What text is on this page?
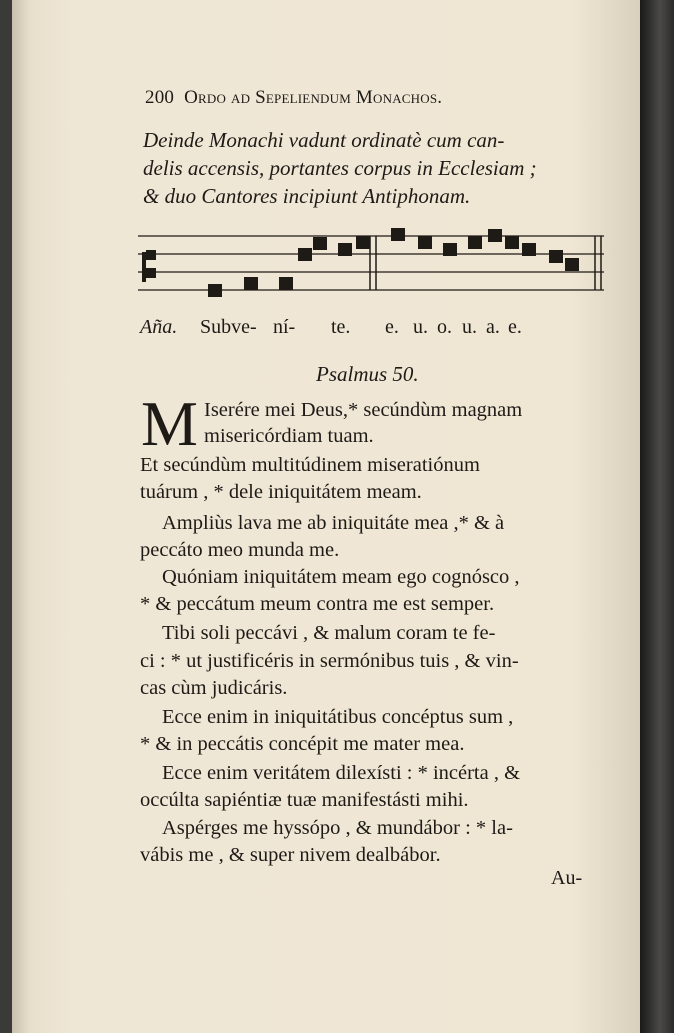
200 Ordo ad Sepeliendum Monachos.
Deinde Monachi vadunt ordinatè cum can-
delis accensis, portantes corpus in Ecclesiam ;
& duo Cantores incipiunt Antiphonam.
Aña. Subve- ní- te. e. u. o. u. a. e.
Psalmus 50.
M Iserére mei Deus,* secúndùm magnam
misericórdiam tuam.
Et secúndùm multitúdinem miseratiónum
tuárum , * dele iniquitátem meam.
Ampliùs lava me ab iniquitáte mea ,* & à
peccáto meo munda me.
Quóniam iniquitátem meam ego cognósco ,
* & peccátum meum contra me est semper.
Tibi soli peccávi , & malum coram te fe-
ci : * ut justificéris in sermónibus tuis , & vin-
cas cùm judicáris.
Ecce enim in iniquitátibus concéptus sum ,
* & in peccátis concépit me mater mea.
Ecce enim veritátem dilexísti : * incérta , &
occúlta sapiéntiæ tuæ manifestásti mihi.
Aspérges me hyssópo , & mundábor : * la-
vábis me , & super nivem dealbábor.
Au-
